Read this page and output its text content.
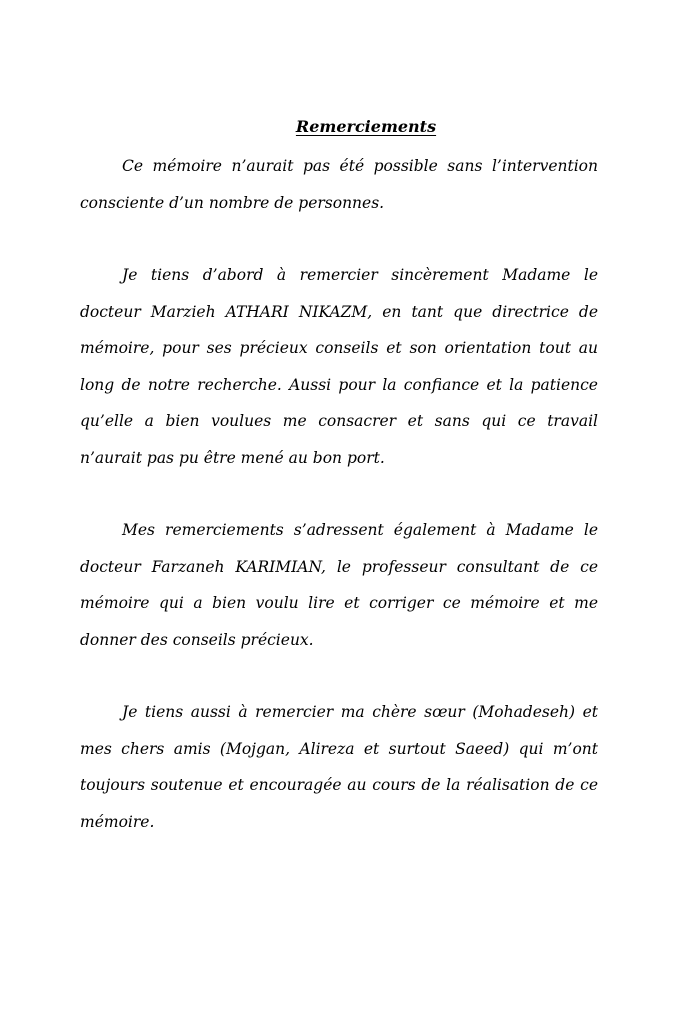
Remerciements

Ce mémoire n’aurait pas été possible sans l’intervention consciente d’un nombre de personnes.

Je tiens d’abord à remercier sincèrement Madame le docteur Marzieh ATHARI NIKAZM, en tant que directrice de mémoire, pour ses précieux conseils et son orientation tout au long de notre recherche. Aussi pour la confiance et la patience qu’elle a bien voulues me consacrer et sans qui ce travail n’aurait pas pu être mené au bon port.

Mes remerciements s’adressent également à Madame le docteur Farzaneh KARIMIAN, le professeur consultant de ce mémoire qui a bien voulu lire et corriger ce mémoire et me donner des conseils précieux.

Je tiens aussi à remercier ma chère sœur (Mohadeseh) et mes chers amis (Mojgan, Alireza et surtout Saeed) qui m’ont toujours soutenue et encouragée au cours de la réalisation de ce mémoire.
